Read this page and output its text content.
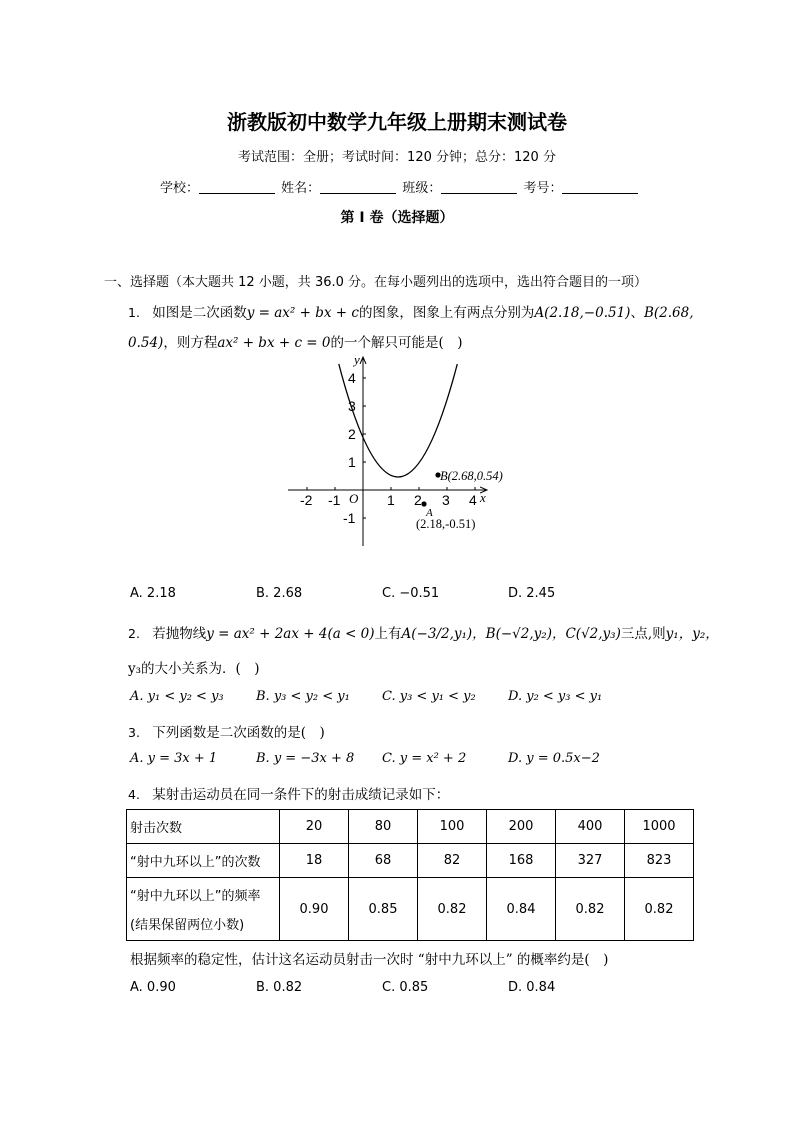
浙教版初中数学九年级上册期末测试卷
考试范围：全册；考试时间：120 分钟；总分：120 分
学校：	姓名：	班级：	考号：
第 I 卷（选择题）
一、选择题（本大题共 12 小题，共 36.0 分。在每小题列出的选项中，选出符合题目的一项）
1. 如图是二次函数y = ax² + bx + c的图象，图象上有两点分别为A(2.18,−0.51)、B(2.68,
0.54)，则方程ax² + bx + c = 0的一个解只可能是(　)
y
x
O
-2 -1	1 2 3 4
4
3
2
1
-1
B(2.68,0.54)
A
(2.18,-0.51)
A. 2.18	B. 2.68	C. −0.51	D. 2.45
2. 若抛物线y = ax² + 2ax + 4(a < 0)上有A(−3/2,y₁)，B(−√2,y₂)，C(√2,y₃)三点,则y₁，y₂，
y₃的大小关系为．(　)
A. y₁ < y₂ < y₃ B. y₃ < y₂ < y₁ C. y₃ < y₁ < y₂ D. y₂ < y₃ < y₁
3. 下列函数是二次函数的是(　)
A. y = 3x + 1	B. y = −3x + 8 C. y = x² + 2	D. y = 0.5x−2
4. 某射击运动员在同一条件下的射击成绩记录如下：
射击次数	20	80	100	200	400	1000
“射中九环以上”的次数	18	68	82	168	327	823

“射中九环以上”的频率
(结果保留两位小数)	0.90	0.85	0.82	0.84	0.82	0.82
根据频率的稳定性，估计这名运动员射击一次时 “射中九环以上” 的概率约是(　)
A. 0.90	B. 0.82	C. 0.85	D. 0.84
